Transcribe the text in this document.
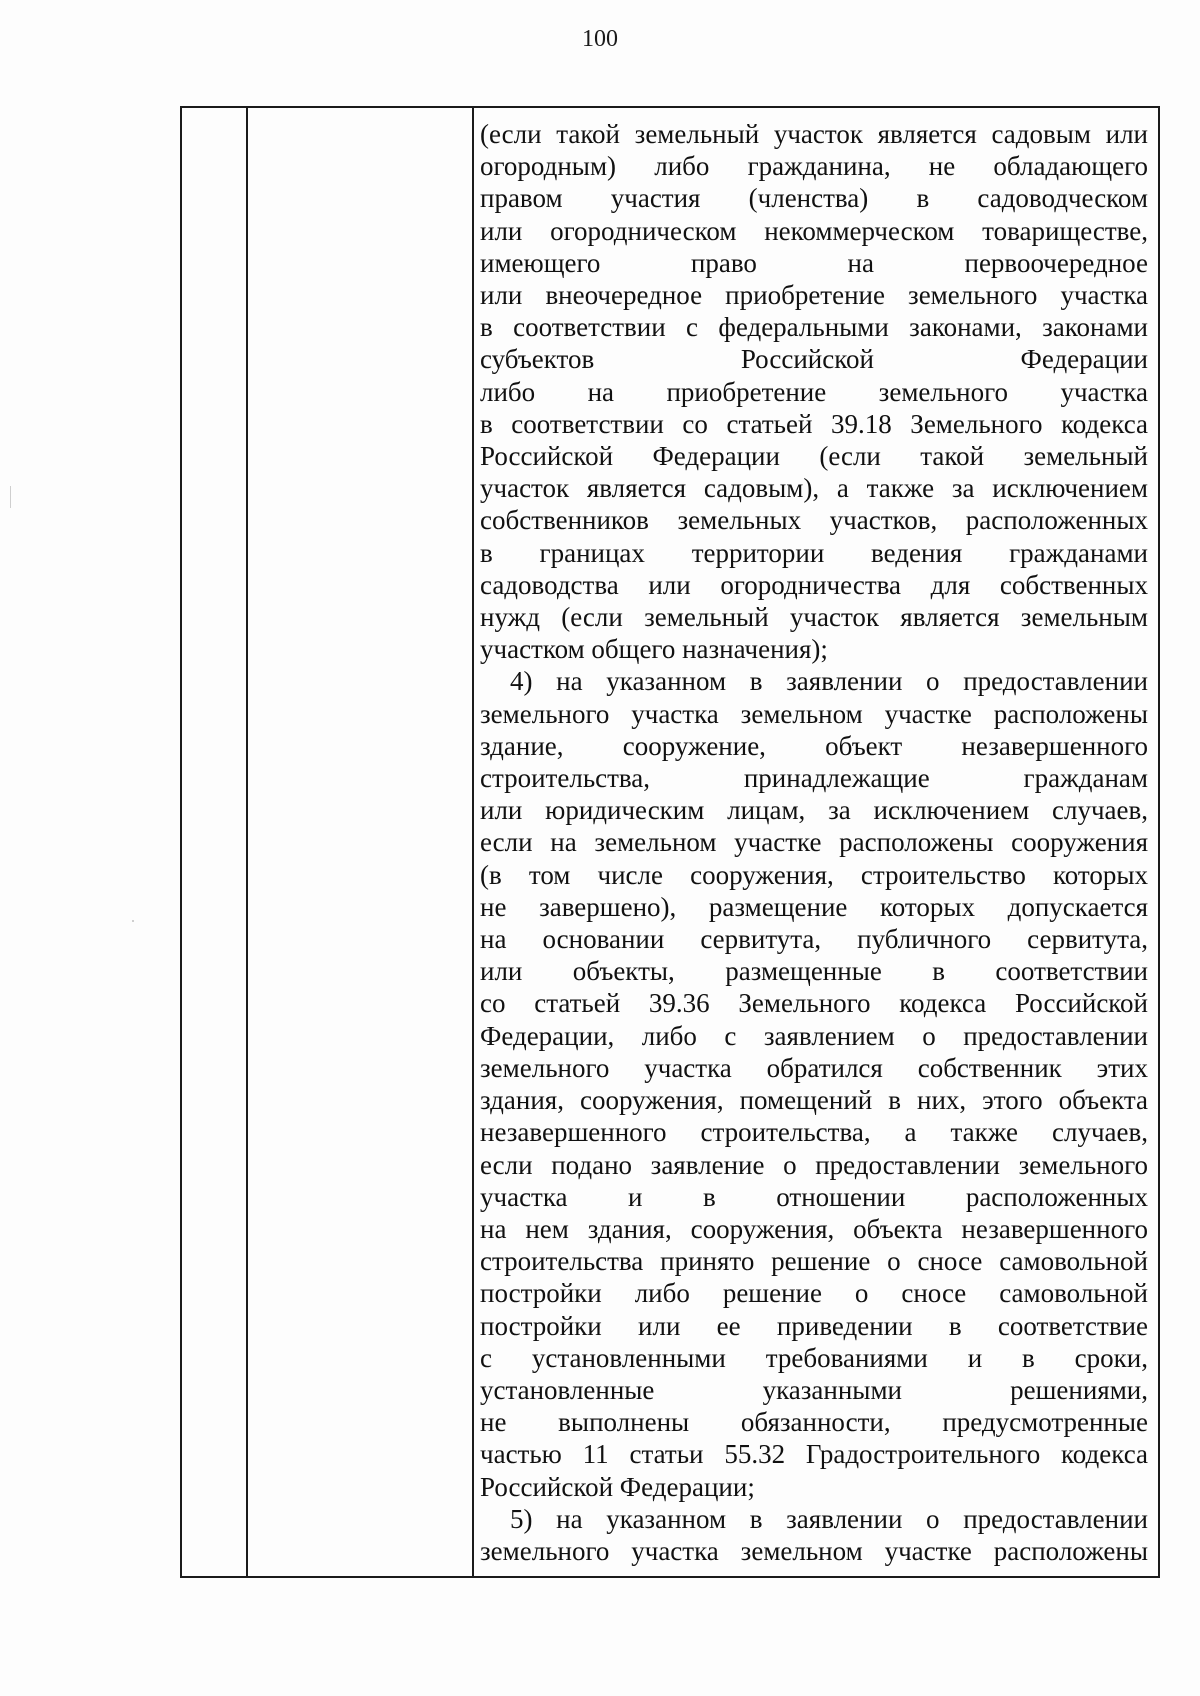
100
(если такой земельный участок является садовым или
огородным) либо гражданина, не обладающего
правом участия (членства) в садоводческом
или огородническом некоммерческом товариществе,
имеющего право на первоочередное
или внеочередное приобретение земельного участка
в соответствии с федеральными законами, законами
субъектов Российской Федерации
либо на приобретение земельного участка
в соответствии со статьей 39.18 Земельного кодекса
Российской Федерации (если такой земельный
участок является садовым), а также за исключением
собственников земельных участков, расположенных
в границах территории ведения гражданами
садоводства или огородничества для собственных
нужд (если земельный участок является земельным
участком общего назначения);
4) на указанном в заявлении о предоставлении
земельного участка земельном участке расположены
здание, сооружение, объект незавершенного
строительства, принадлежащие гражданам
или юридическим лицам, за исключением случаев,
если на земельном участке расположены сооружения
(в том числе сооружения, строительство которых
не завершено), размещение которых допускается
на основании сервитута, публичного сервитута,
или объекты, размещенные в соответствии
со статьей 39.36 Земельного кодекса Российской
Федерации, либо с заявлением о предоставлении
земельного участка обратился собственник этих
здания, сооружения, помещений в них, этого объекта
незавершенного строительства, а также случаев,
если подано заявление о предоставлении земельного
участка и в отношении расположенных
на нем здания, сооружения, объекта незавершенного
строительства принято решение о сносе самовольной
постройки либо решение о сносе самовольной
постройки или ее приведении в соответствие
с установленными требованиями и в сроки,
установленные указанными решениями,
не выполнены обязанности, предусмотренные
частью 11 статьи 55.32 Градостроительного кодекса
Российской Федерации;
5) на указанном в заявлении о предоставлении
земельного участка земельном участке расположены
